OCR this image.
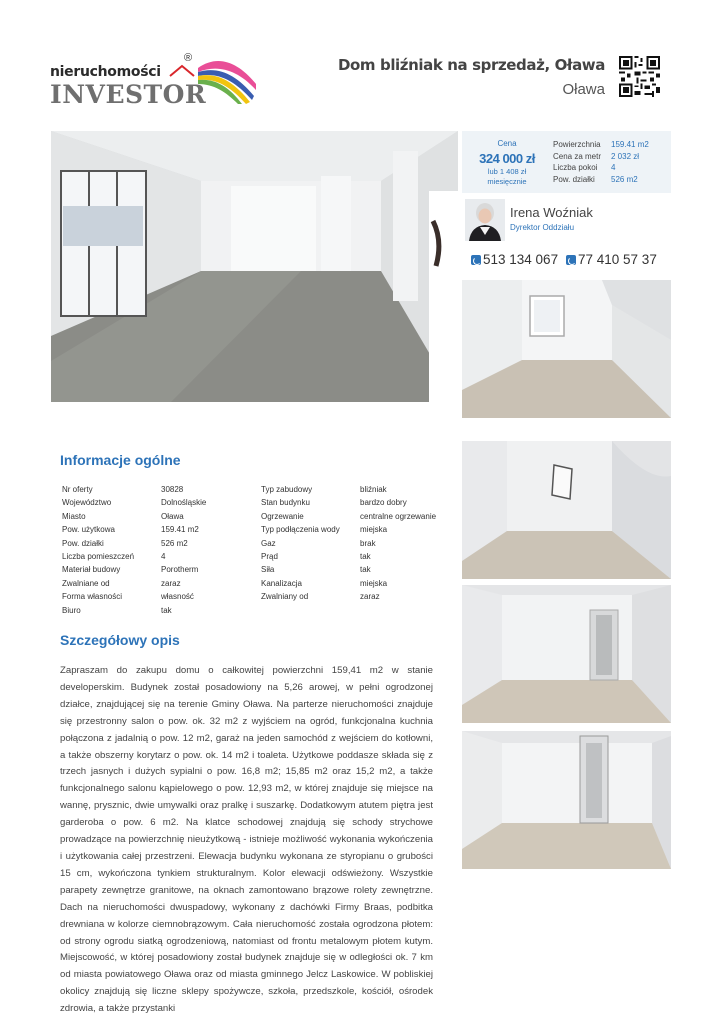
®
nieruchomości
INVESTOR
Dom bliźniak na sprzedaż, Oława
Oława
Cena
324 000 zł
lub 1 408 zł
miesięcznie
Powierzchnia	159.41 m2
Cena za metr	2 032 zł
Liczba pokoi	4
Pow. działki	526 m2
Irena Woźniak
Dyrektor Oddziału
513 134 067 77 410 57 37
Informacje ogólne
Nr oferty	30828	Typ zabudowy	bliźniak
Województwo	Dolnośląskie	Stan budynku	bardzo dobry
Miasto	Oława	Ogrzewanie	centralne ogrzewanie
Pow. użytkowa	159.41 m2	Typ podłączenia wody	miejska
Pow. działki	526 m2	Gaz	brak
Liczba pomieszczeń	4	Prąd	tak
Materiał budowy	Porotherm	Siła	tak
Zwalniane od	zaraz	Kanalizacja	miejska
Forma własności	własność	Zwalniany od	zaraz
Biuro	tak
Szczegółowy opis
Zapraszam do zakupu domu o całkowitej powierzchni 159,41 m2 w stanie developerskim. Budynek został posadowiony na 5,26 arowej, w pełni ogrodzonej działce, znajdującej się na terenie Gminy Oława. Na parterze nieruchomości znajduje się przestronny salon o pow. ok. 32 m2 z wyjściem na ogród, funkcjonalna kuchnia połączona z jadalnią o pow. 12 m2, garaż na jeden samochód z wejściem do kotłowni, a także obszerny korytarz o pow. ok. 14 m2 i toaleta. Użytkowe poddasze składa się z trzech jasnych i dużych sypialni o pow. 16,8 m2; 15,85 m2 oraz 15,2 m2, a także funkcjonalnego salonu kąpielowego o pow. 12,93 m2, w której znajduje się miejsce na wannę, prysznic, dwie umywalki oraz pralkę i suszarkę. Dodatkowym atutem piętra jest garderoba o pow. 6 m2. Na klatce schodowej znajdują się schody strychowe prowadzące na powierzchnię nieużytkową - istnieje możliwość wykonania wykończenia i użytkowania całej przestrzeni. Elewacja budynku wykonana ze styropianu o grubości 15 cm, wykończona tynkiem strukturalnym. Kolor elewacji odświeżony. Wszystkie parapety zewnętrze granitowe, na oknach zamontowano brązowe rolety zewnętrzne. Dach na nieruchomości dwuspadowy, wykonany z dachówki Firmy Braas, podbitka drewniana w kolorze ciemnobrązowym. Cała nieruchomość została ogrodzona płotem: od strony ogrodu siatką ogrodzeniową, natomiast od frontu metalowym płotem kutym. Miejscowość, w której posadowiony został budynek znajduje się w odległości ok. 7 km od miasta powiatowego Oława oraz od miasta gminnego Jelcz Laskowice. W pobliskiej okolicy znajdują się liczne sklepy spożywcze, szkoła, przedszkole, kościół, ośrodek zdrowia, a także przystanki
